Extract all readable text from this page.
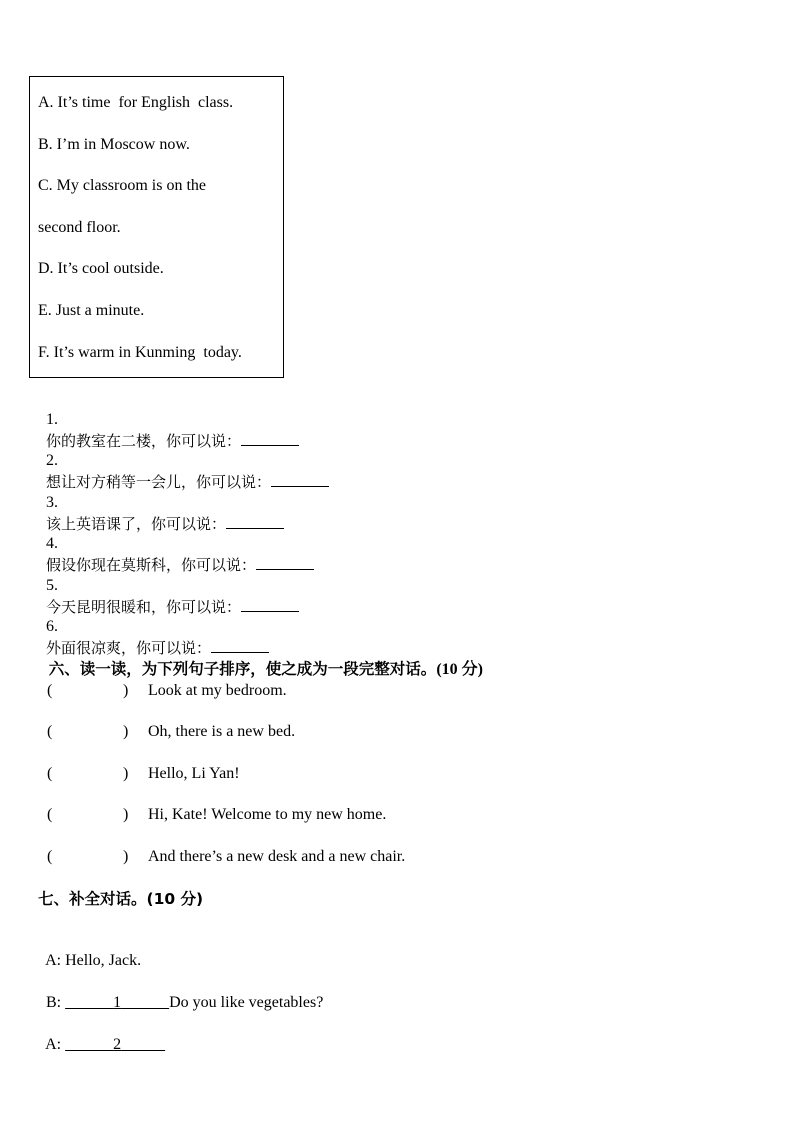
A. It’s time  for English  class.
B. I’m in Moscow now.
C. My classroom is on the
second floor.
D. It’s cool outside.
E. Just a minute.
F. It’s warm in Kunming  today.

1.
你的教室在二楼，你可以说：

2.
想让对方稍等一会儿，你可以说：

3.
该上英语课了，你可以说：

4.
假设你现在莫斯科，你可以说：

5.
今天昆明很暖和，你可以说：

6.
外面很凉爽，你可以说：

六、读一读，为下列句子排序，使之成为一段完整对话。(10 分)

(	) Look at my bedroom.
(	) Oh, there is a new bed.
(	) Hello, Li Yan!
(	) Hi, Kate! Welcome to my new home.
(	) And there’s a new desk and a new chair.
七、补全对话。(10 分)

A: Hello, Jack.

B:	1	Do you like vegetables?

A:	2
